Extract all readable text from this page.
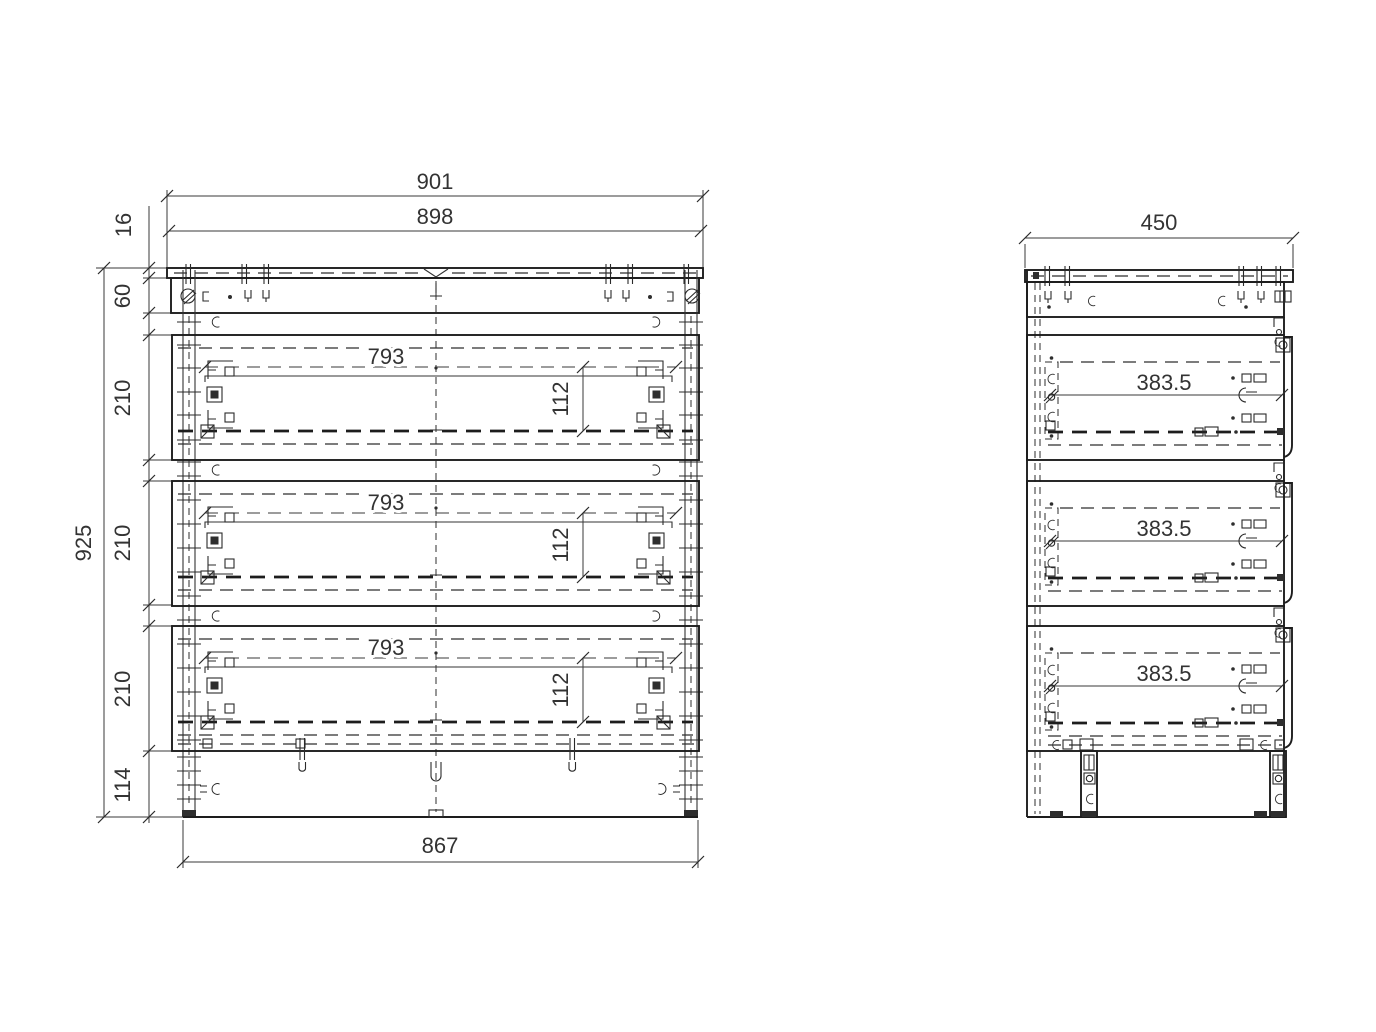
901
898
925
16
60
210
210
210
114
793
112
793
112
793
112
867
450
383.5
383.5
383.5
